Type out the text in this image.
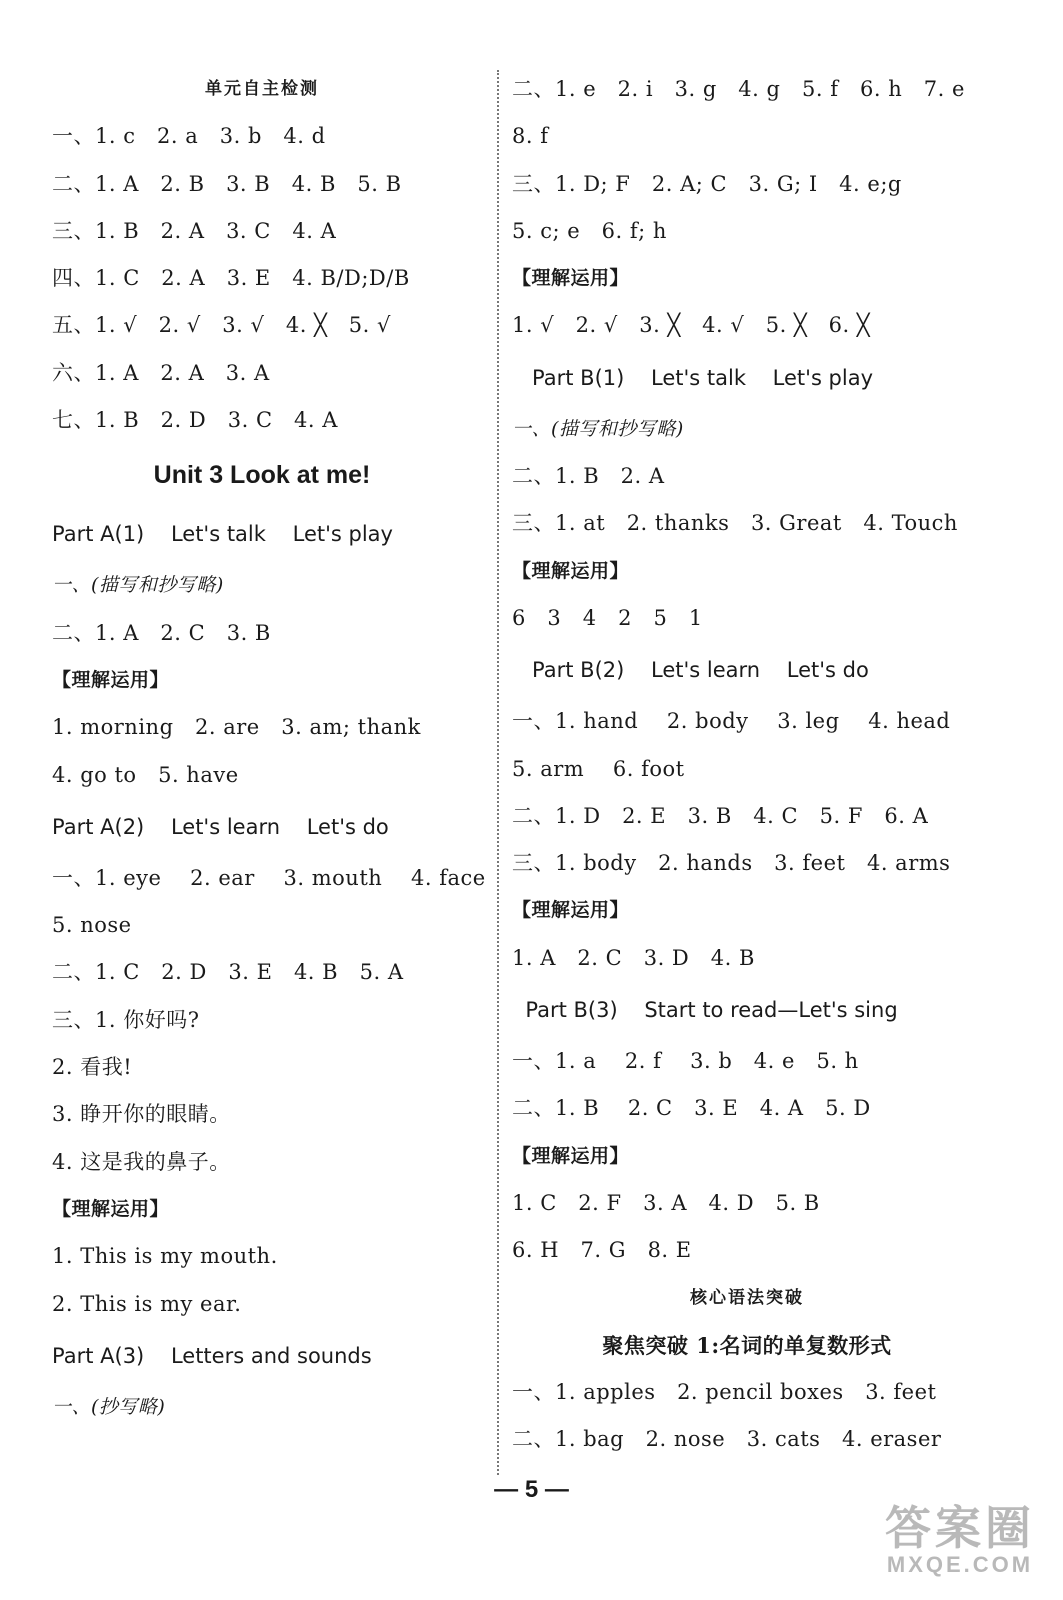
单元自主检测
一、1. c   2. a   3. b   4. d
二、1. A   2. B   3. B   4. B   5. B
三、1. B   2. A   3. C   4. A
四、1. C   2. A   3. E   4. B/D;D/B
五、1. √   2. √   3. √   4. ╳   5. √
六、1. A   2. A   3. A
七、1. B   2. D   3. C   4. A
Unit 3 Look at me!
Part A(1)    Let's talk    Let's play
一、(描写和抄写略)
二、1. A   2. C   3. B
【理解运用】
1. morning   2. are   3. am; thank
4. go to   5. have
Part A(2)    Let's learn    Let's do
一、1. eye    2. ear    3. mouth    4. face
5. nose
二、1. C   2. D   3. E   4. B   5. A
三、1. 你好吗?
2. 看我!
3. 睁开你的眼睛。
4. 这是我的鼻子。
【理解运用】
1. This is my mouth.
2. This is my ear.
Part A(3)    Letters and sounds
一、(抄写略)
二、1. e   2. i   3. g   4. g   5. f   6. h   7. e
8. f
三、1. D; F   2. A; C   3. G; I   4. e;g
5. c; e   6. f; h
【理解运用】
1. √   2. √   3. ╳   4. √   5. ╳   6. ╳
Part B(1)    Let's talk    Let's play
一、(描写和抄写略)
二、1. B   2. A
三、1. at   2. thanks   3. Great   4. Touch
【理解运用】
6   3   4   2   5   1
Part B(2)    Let's learn    Let's do
一、1. hand    2. body    3. leg    4. head
5. arm    6. foot
二、1. D   2. E   3. B   4. C   5. F   6. A
三、1. body   2. hands   3. feet   4. arms
【理解运用】
1. A   2. C   3. D   4. B
Part B(3)    Start to read—Let's sing
一、1. a    2. f    3. b   4. e   5. h
二、1. B    2. C   3. E   4. A   5. D
【理解运用】
1. C   2. F   3. A   4. D   5. B
6. H   7. G   8. E
核心语法突破
聚焦突破 1:名词的单复数形式
一、1. apples   2. pencil boxes   3. feet
二、1. bag   2. nose   3. cats   4. eraser
— 5 —
答案圈
MXQE.COM
